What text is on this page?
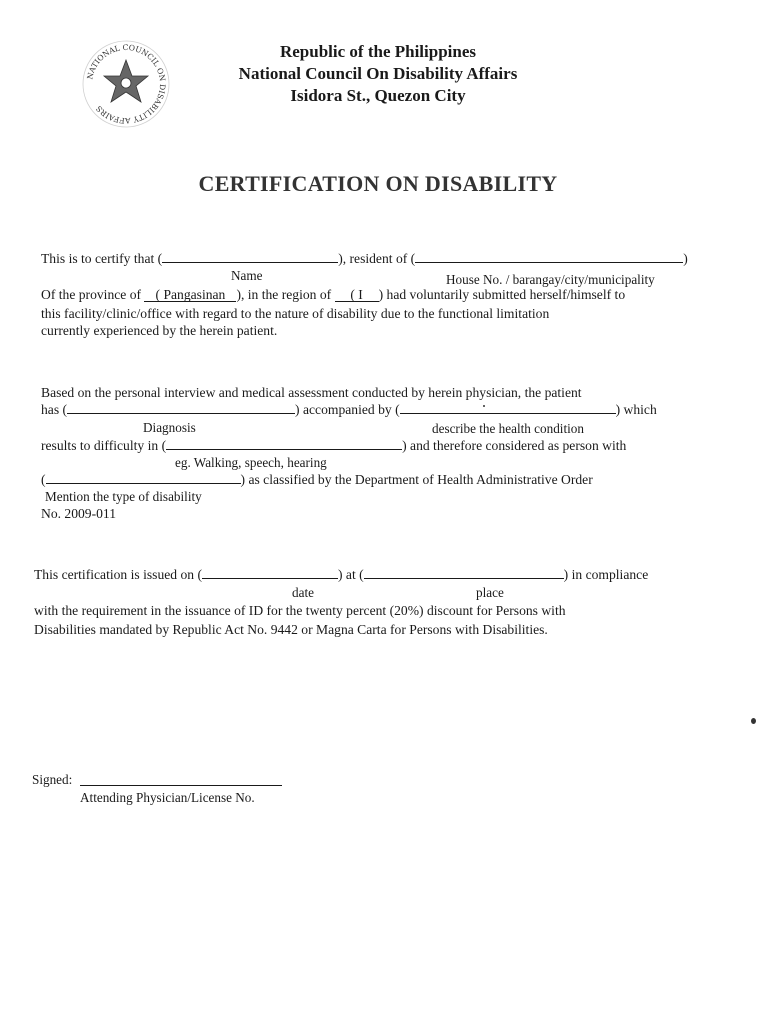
NATIONAL COUNCIL ON DISABILITY AFFAIRS
Republic of the Philippines
National Council On Disability Affairs
Isidora St., Quezon City
CERTIFICATION ON DISABILITY
This is to certify that (	), resident of (	)
Name	House No. / barangay/city/municipality
Of the province of ( Pangasinan), in the region of ( I) had voluntarily submitted herself/himself to
this facility/clinic/office with regard to the nature of disability due to the functional limitation
currently experienced by the herein patient.
Based on the personal interview and medical assessment conducted by herein physician, the patient
has (	) accompanied by (	) which
Diagnosis	describe the health condition
results to difficulty in (	) and therefore considered as person with
eg. Walking, speech, hearing
(	) as classified by the Department of Health Administrative Order
Mention the type of disability
No. 2009-011
This certification is issued on (	) at (	) in compliance
date	place
with the requirement in the issuance of ID for the twenty percent (20%) discount for Persons with
Disabilities mandated by Republic Act No. 9442 or Magna Carta for Persons with Disabilities.
Signed:
Attending Physician/License No.
